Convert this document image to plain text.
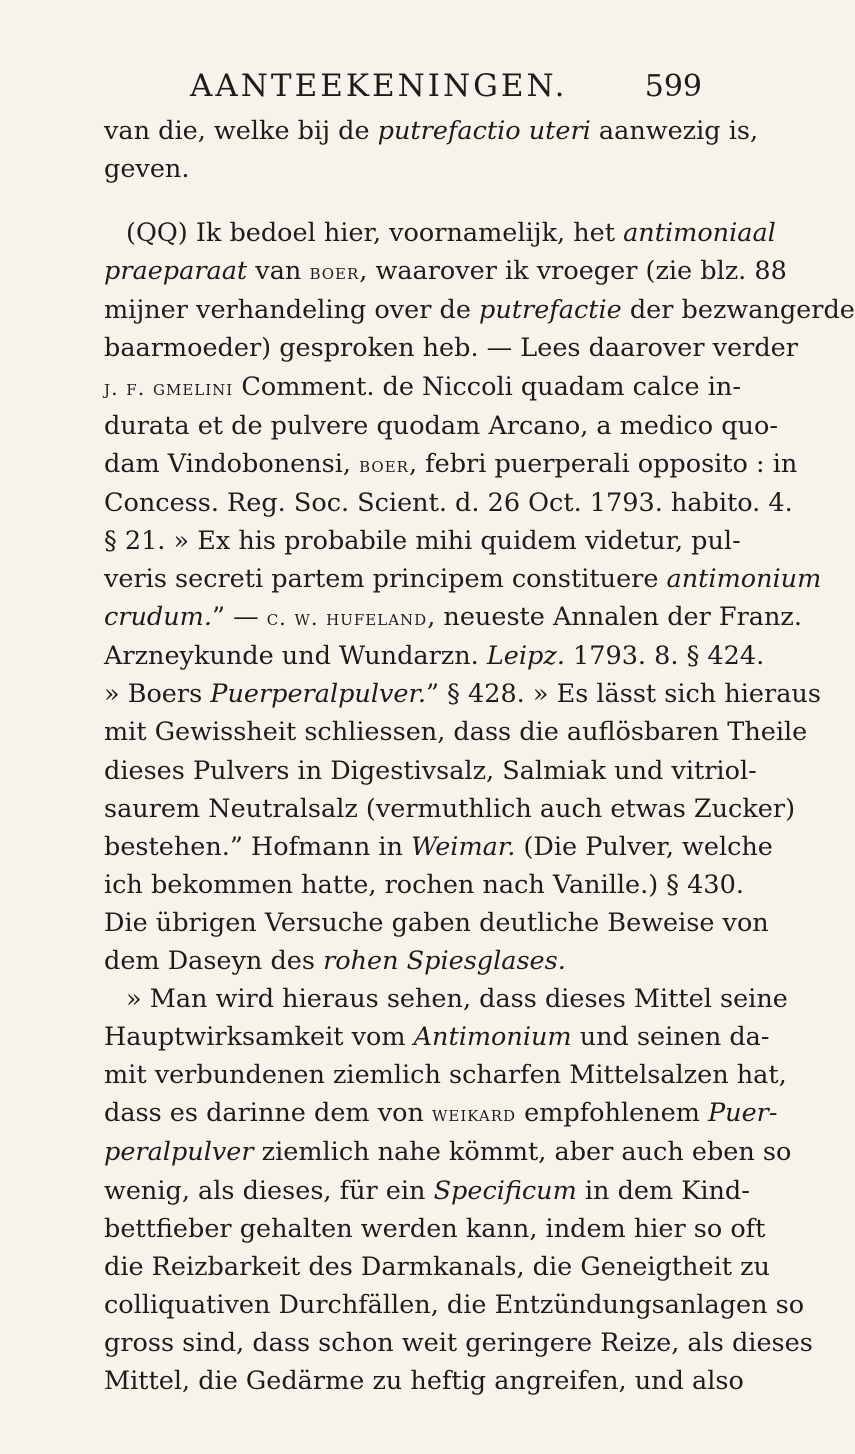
AANTEEKENINGEN.	599
van die, welke bij de putrefactio uteri aanwezig is,
geven.
(QQ) Ik bedoel hier, voornamelijk, het antimoniaal
praeparaat van boer, waarover ik vroeger (zie blz. 88
mijner verhandeling over de putrefactie der bezwangerde
baarmoeder) gesproken heb. — Lees daarover verder
j. f. gmelini Comment. de Niccoli quadam calce in-
durata et de pulvere quodam Arcano, a medico quo-
dam Vindobonensi, boer, febri puerperali opposito : in
Concess. Reg. Soc. Scient. d. 26 Oct. 1793. habito. 4.
§ 21. » Ex his probabile mihi quidem videtur, pul-
veris secreti partem principem constituere antimonium
crudum.” — c. w. hufeland, neueste Annalen der Franz.
Arzneykunde und Wundarzn. Leipz. 1793. 8. § 424.
» Boers Puerperalpulver.” § 428. » Es lässt sich hieraus
mit Gewissheit schliessen, dass die auflösbaren Theile
dieses Pulvers in Digestivsalz, Salmiak und vitriol-
saurem Neutralsalz (vermuthlich auch etwas Zucker)
bestehen.” Hofmann in Weimar. (Die Pulver, welche
ich bekommen hatte, rochen nach Vanille.) § 430.
Die übrigen Versuche gaben deutliche Beweise von
dem Daseyn des rohen Spiesglases.
» Man wird hieraus sehen, dass dieses Mittel seine
Hauptwirksamkeit vom Antimonium und seinen da-
mit verbundenen ziemlich scharfen Mittelsalzen hat,
dass es darinne dem von weikard empfohlenem Puer-
peralpulver ziemlich nahe kömmt, aber auch eben so
wenig, als dieses, für ein Specificum in dem Kind-
bettfieber gehalten werden kann, indem hier so oft
die Reizbarkeit des Darmkanals, die Geneigtheit zu
colliquativen Durchfällen, die Entzündungsanlagen so
gross sind, dass schon weit geringere Reize, als dieses
Mittel, die Gedärme zu heftig angreifen, und also
